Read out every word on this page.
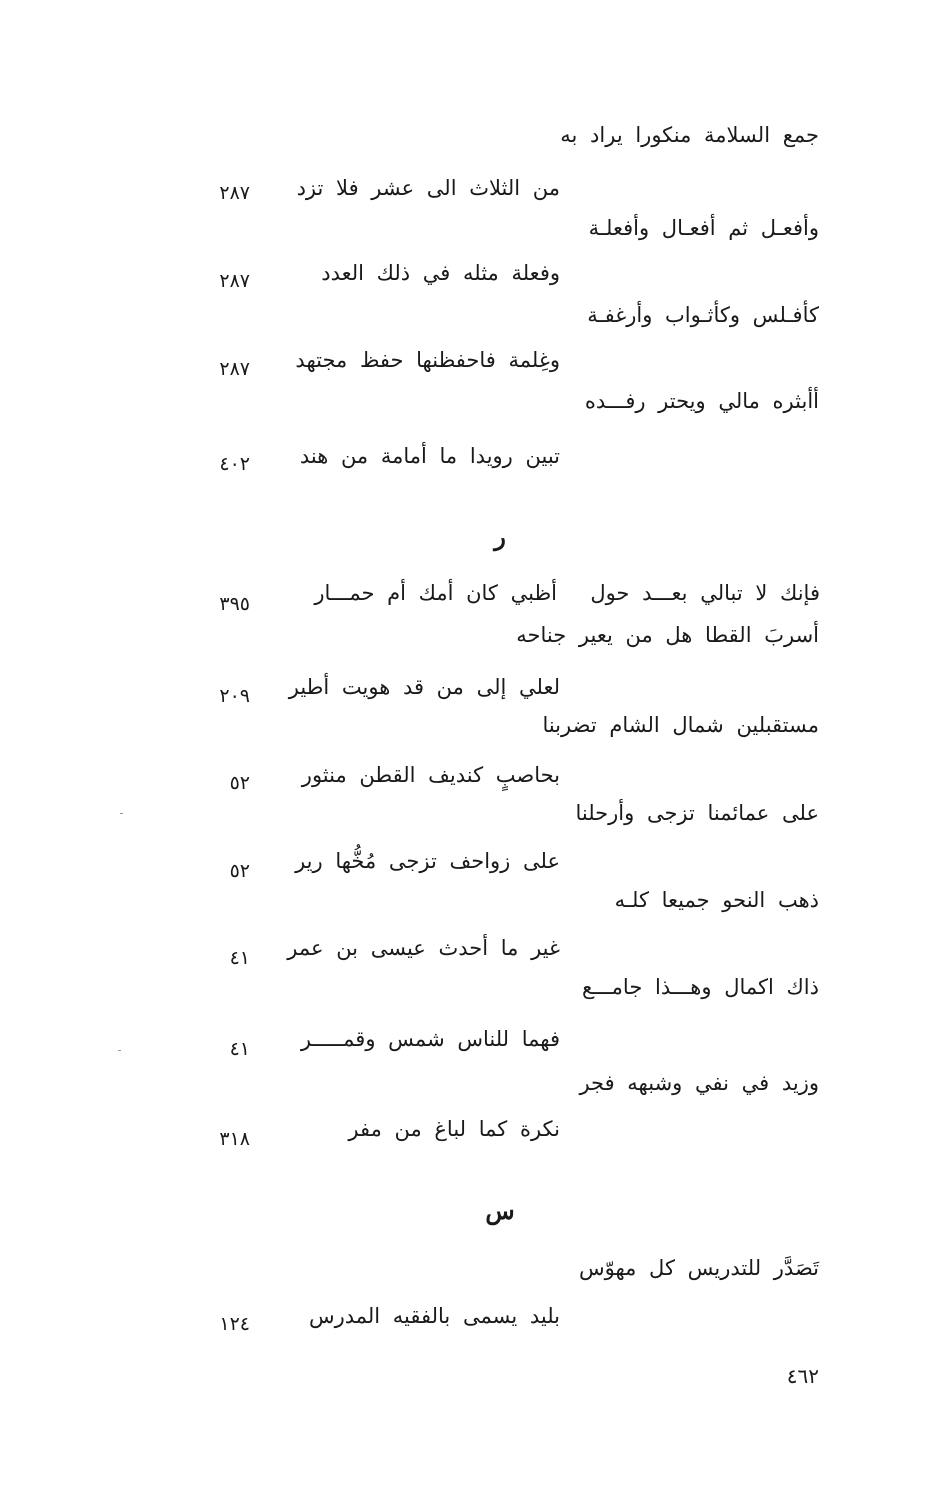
جمع السلامة منكورا يراد به
من الثلاث الى عشر فلا تزد
٢٨٧
وأفعـل ثم أفعـال وأفعلـة
وفعلة مثله في ذلك العدد
٢٨٧
كأفـلس وكأثـواب وأرغفـة
وغِلمة فاحفظنها حفظ مجتهد
٢٨٧
أأبثره مالي ويحتر رفـــده
تبين رويدا ما أمامة من هند
٤٠٢
ر
أظبي كان أمك أم حمـــار فإنك لا تبالي بعـــد حول
٣٩٥
أسربَ القطا هل من يعير جناحه
لعلي إلى من قد هويت أطير
٢٠٩
مستقبلين شمال الشام تضربنا
بحاصبٍ كنديف القطن منثور
٥٢
على عمائمنا تزجى وأرحلنا
على زواحف تزجى مُخُّها رير
٥٢
ذهب النحو جميعا كلـه
غير ما أحدث عيسى بن عمر
٤١
ذاك اكمال وهـــذا جامـــع
فهما للناس شمس وقمـــــر
٤١
وزيد في نفي وشبهه فجر
نكرة كما لباغ من مفر
٣١٨
س
تَصَدَّر للتدريس كل مهوّس
بليد يسمى بالفقيه المدرس
١٢٤
٤٦٢
